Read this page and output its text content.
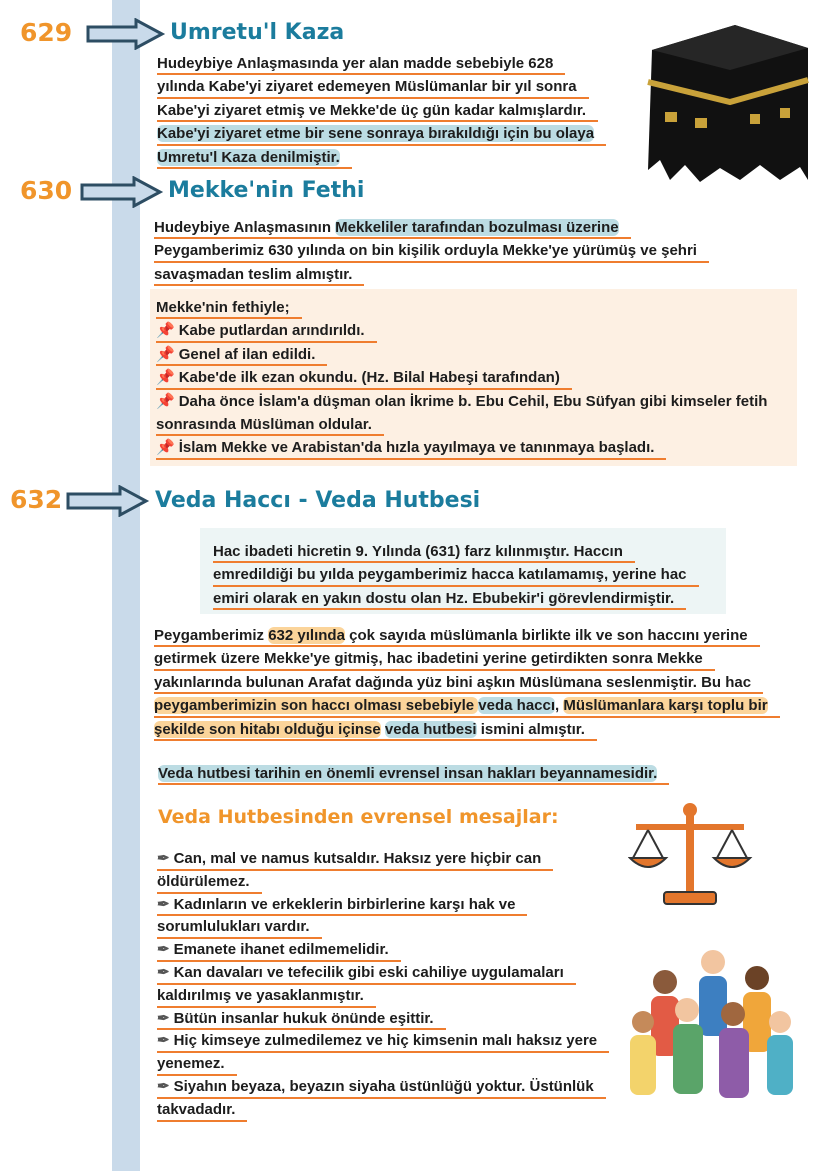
629	Umretu'l Kaza
Hudeybiye Anlaşmasında yer alan madde sebebiyle 628
yılında Kabe'yi ziyaret edemeyen Müslümanlar bir yıl sonra
Kabe'yi ziyaret etmiş ve Mekke'de üç gün kadar kalmışlardır.
Kabe'yi ziyaret etme bir sene sonraya bırakıldığı için bu olaya
Umretu'l Kaza denilmiştir.
630	Mekke'nin Fethi
Hudeybiye Anlaşmasının Mekkeliler tarafından bozulması üzerine
Peygamberimiz 630 yılında on bin kişilik orduyla Mekke'ye yürümüş ve şehri
savaşmadan teslim almıştır.
Mekke'nin fethiyle;
📌 Kabe putlardan arındırıldı.
📌 Genel af ilan edildi.
📌 Kabe'de ilk ezan okundu. (Hz. Bilal Habeşi tarafından)
📌 Daha önce İslam'a düşman olan İkrime b. Ebu Cehil, Ebu Süfyan gibi kimseler fetih
sonrasında Müslüman oldular.
📌 İslam Mekke ve Arabistan'da hızla yayılmaya ve tanınmaya başladı.
632	Veda Haccı - Veda Hutbesi
Hac ibadeti hicretin 9. Yılında (631) farz kılınmıştır. Haccın
emredildiği bu yılda peygamberimiz hacca katılamamış, yerine hac
emiri olarak en yakın dostu olan Hz. Ebubekir'i görevlendirmiştir.
Peygamberimiz 632 yılında çok sayıda müslümanla birlikte ilk ve son haccını yerine
getirmek üzere Mekke'ye gitmiş, hac ibadetini yerine getirdikten sonra Mekke
yakınlarında bulunan Arafat dağında yüz bini aşkın Müslümana seslenmiştir. Bu hac
peygamberimizin son haccı olması sebebiyle veda haccı, Müslümanlara karşı toplu bir
şekilde son hitabı olduğu içinse veda hutbesi ismini almıştır.
Veda hutbesi tarihin en önemli evrensel insan hakları beyannamesidir.
Veda Hutbesinden evrensel mesajlar:
✒ Can, mal ve namus kutsaldır. Haksız yere hiçbir can
öldürülemez.
✒ Kadınların ve erkeklerin birbirlerine karşı hak ve
sorumlulukları vardır.
✒ Emanete ihanet edilmemelidir.
✒ Kan davaları ve tefecilik gibi eski cahiliye uygulamaları
kaldırılmış ve yasaklanmıştır.
✒ Bütün insanlar hukuk önünde eşittir.
✒ Hiç kimseye zulmedilemez ve hiç kimsenin malı haksız yere
yenemez.
✒ Siyahın beyaza, beyazın siyaha üstünlüğü yoktur. Üstünlük
takvadadır.
